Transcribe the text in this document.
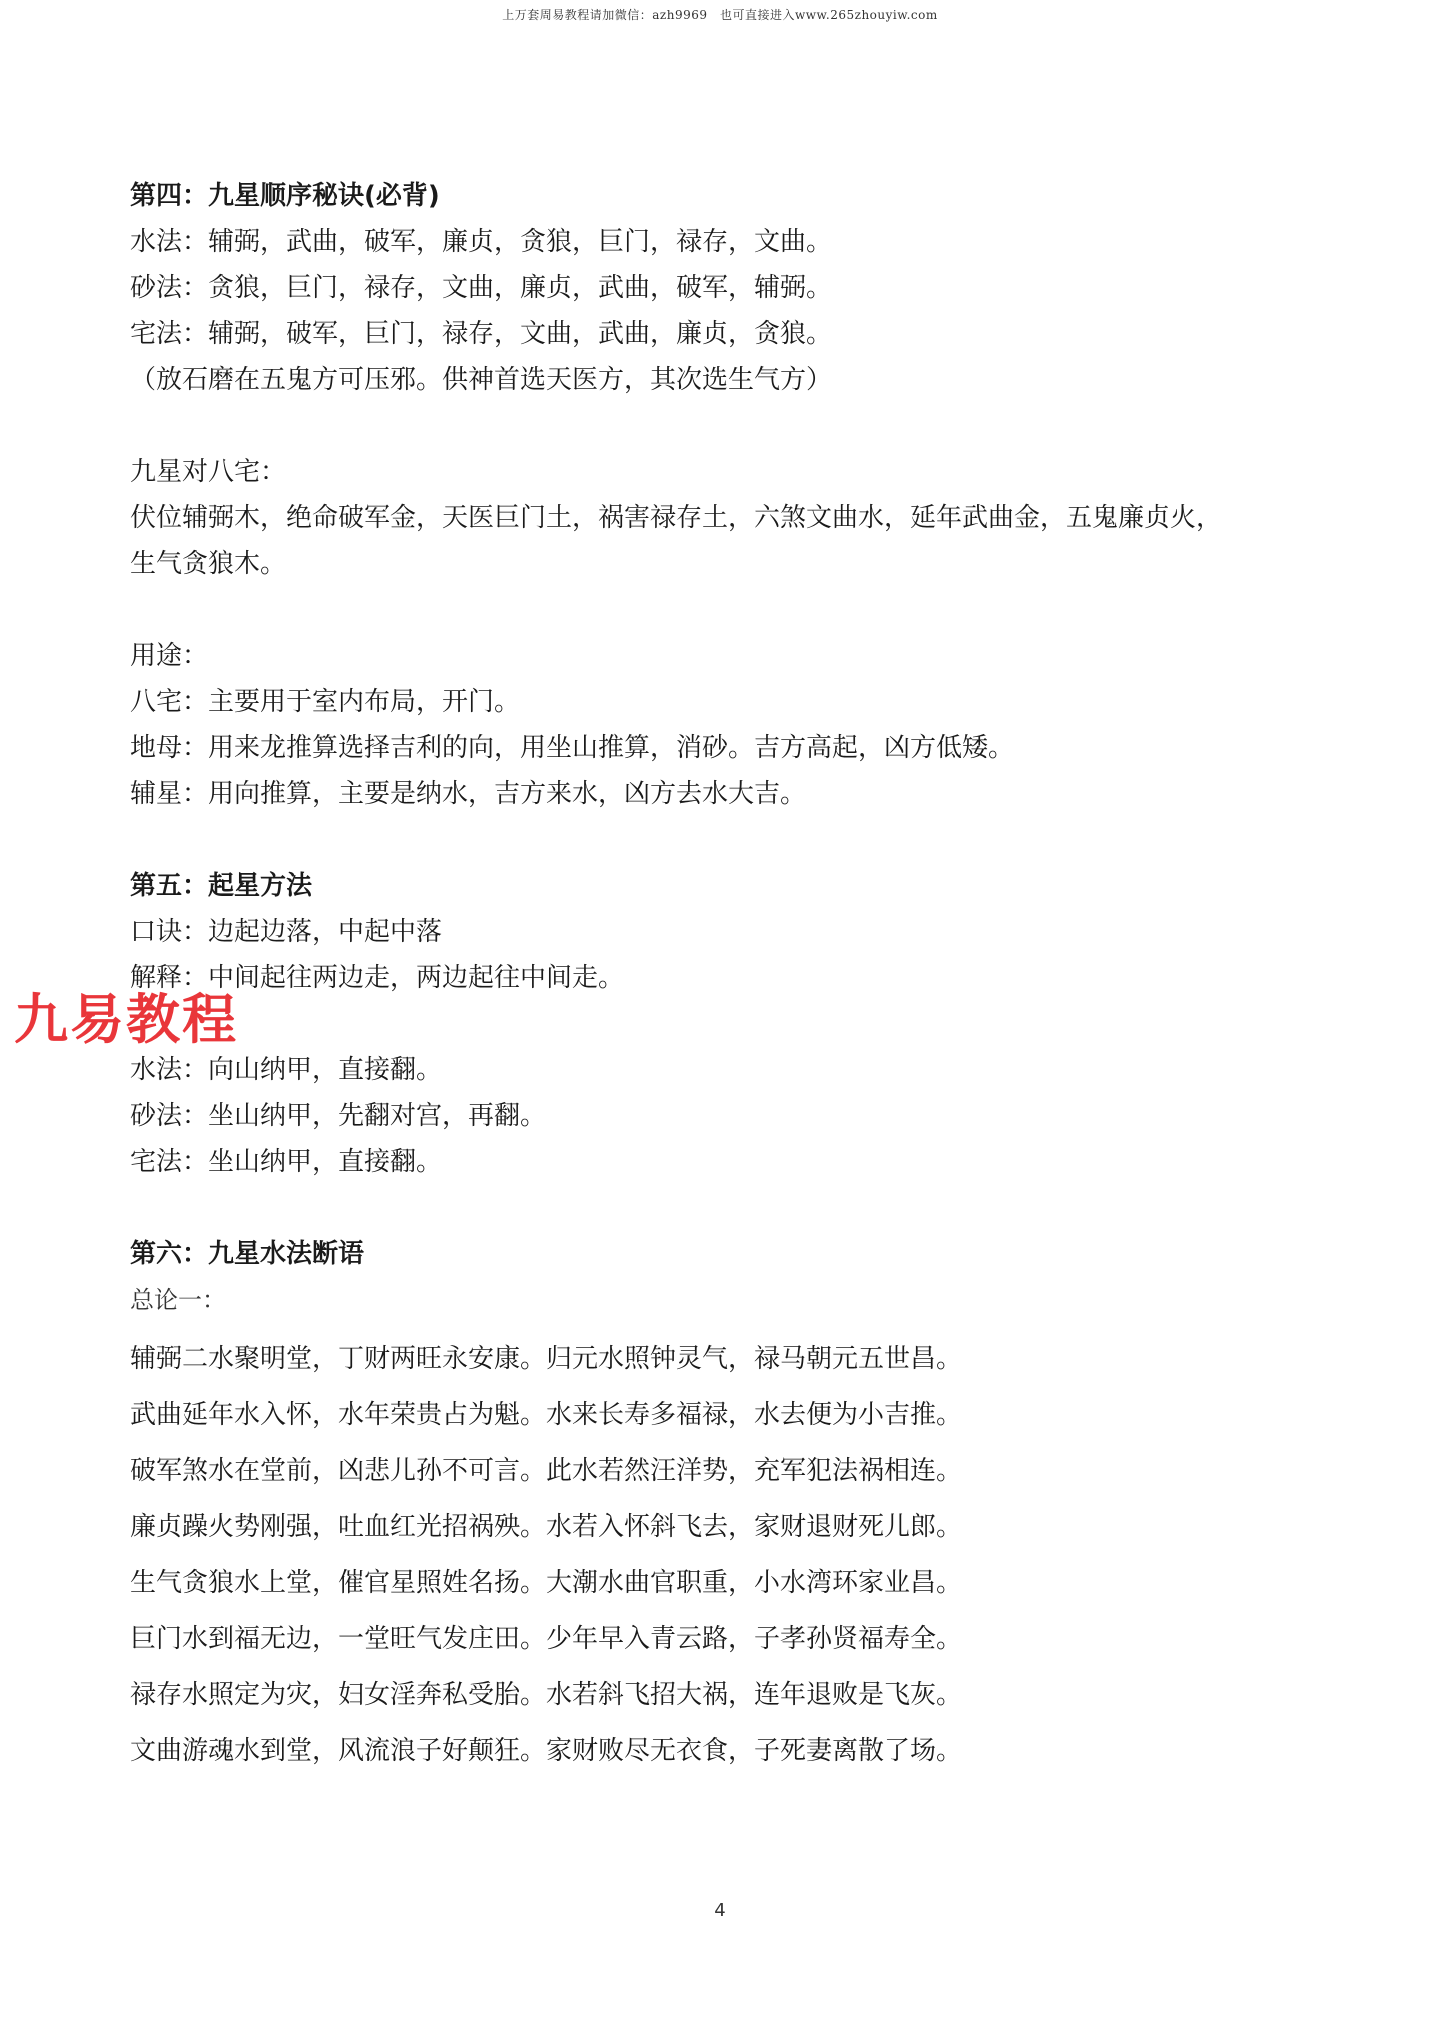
上万套周易教程请加微信：azh9969　也可直接进入www.265zhouyiw.com
第四：九星顺序秘诀(必背)
水法：辅弼，武曲，破军，廉贞，贪狼，巨门，禄存，文曲。
砂法：贪狼，巨门，禄存，文曲，廉贞，武曲，破军，辅弼。
宅法：辅弼，破军，巨门，禄存，文曲，武曲，廉贞，贪狼。
（放石磨在五鬼方可压邪。供神首选天医方，其次选生气方）
九星对八宅：
伏位辅弼木，绝命破军金，天医巨门土，祸害禄存土，六煞文曲水，延年武曲金，五鬼廉贞火，
生气贪狼木。
用途：
八宅：主要用于室内布局，开门。
地母：用来龙推算选择吉利的向，用坐山推算，消砂。吉方高起，凶方低矮。
辅星：用向推算，主要是纳水，吉方来水，凶方去水大吉。
第五：起星方法
口诀：边起边落，中起中落
解释：中间起往两边走，两边起往中间走。
水法：向山纳甲，直接翻。
砂法：坐山纳甲，先翻对宫，再翻。
宅法：坐山纳甲，直接翻。
第六：九星水法断语
总论一：
辅弼二水聚明堂，丁财两旺永安康。归元水照钟灵气，禄马朝元五世昌。
武曲延年水入怀，水年荣贵占为魁。水来长寿多福禄，水去便为小吉推。
破军煞水在堂前，凶悲儿孙不可言。此水若然汪洋势，充军犯法祸相连。
廉贞躁火势刚强，吐血红光招祸殃。水若入怀斜飞去，家财退财死儿郎。
生气贪狼水上堂，催官星照姓名扬。大潮水曲官职重，小水湾环家业昌。
巨门水到福无边，一堂旺气发庄田。少年早入青云路，子孝孙贤福寿全。
禄存水照定为灾，妇女淫奔私受胎。水若斜飞招大祸，连年退败是飞灰。
文曲游魂水到堂，风流浪子好颠狂。家财败尽无衣食，子死妻离散了场。
九易教程
4
